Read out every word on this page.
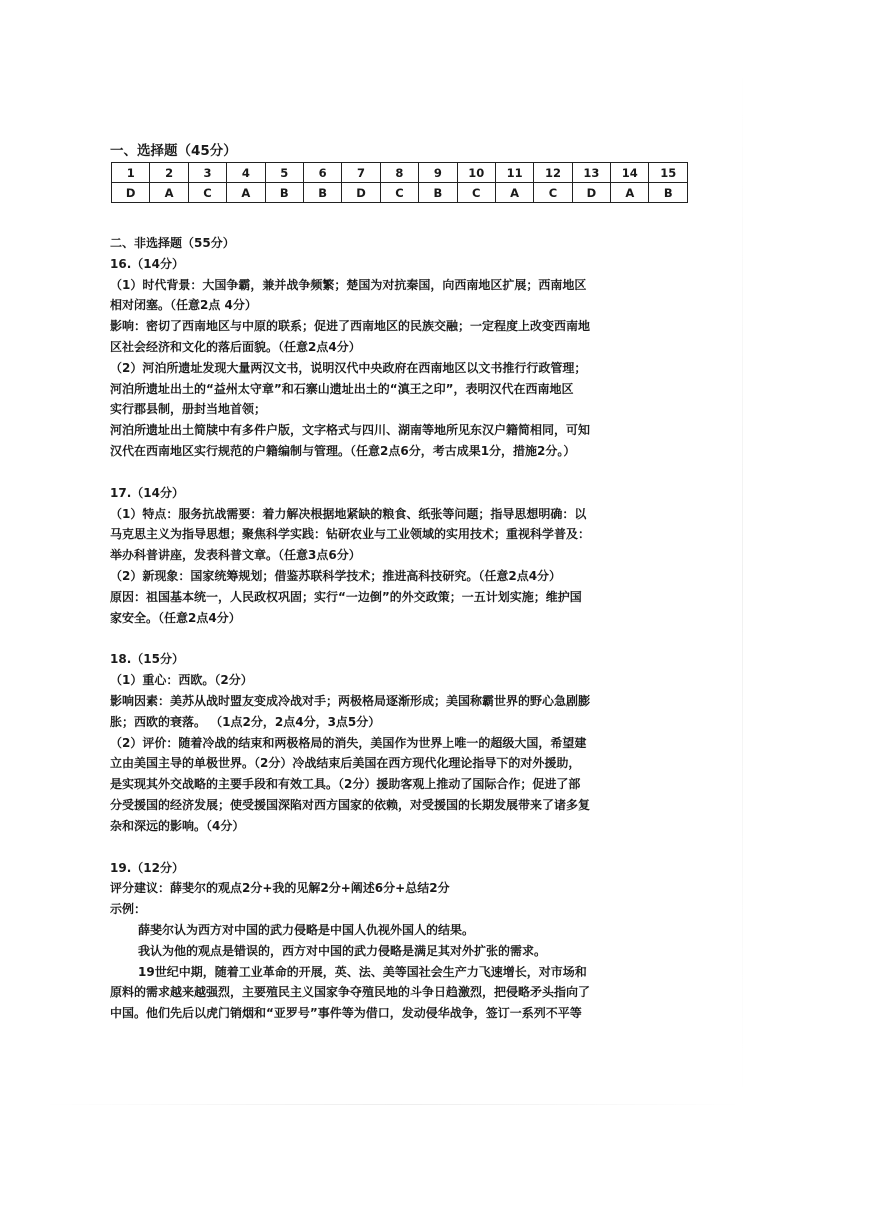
一、选择题（45分）
1	2	3	4	5	6	7	8	9	10	11	12	13	14	15
D	A	C	A	B	B	D	C	B	C	A	C	D	A	B

二、非选择题（55分）

16.（14分）

（1）时代背景：大国争霸，兼并战争频繁；楚国为对抗秦国，向西南地区扩展；西南地区

相对闭塞。（任意2点 4分）

影响：密切了西南地区与中原的联系；促进了西南地区的民族交融；一定程度上改变西南地

区社会经济和文化的落后面貌。（任意2点4分）

（2）河泊所遗址发现大量两汉文书，说明汉代中央政府在西南地区以文书推行行政管理；

河泊所遗址出土的“益州太守章”和石寨山遗址出土的“滇王之印”，表明汉代在西南地区

实行郡县制，册封当地首领；

河泊所遗址出土简牍中有多件户版，文字格式与四川、湖南等地所见东汉户籍简相同，可知

汉代在西南地区实行规范的户籍编制与管理。（任意2点6分，考古成果1分，措施2分。）

17.（14分）

（1）特点：服务抗战需要：着力解决根据地紧缺的粮食、纸张等问题；指导思想明确：以

马克思主义为指导思想；聚焦科学实践：钻研农业与工业领域的实用技术；重视科学普及：

举办科普讲座，发表科普文章。（任意3点6分）

（2）新现象：国家统筹规划；借鉴苏联科学技术；推进高科技研究。（任意2点4分）

原因：祖国基本统一，人民政权巩固；实行“一边倒”的外交政策；一五计划实施；维护国

家安全。（任意2点4分）

18.（15分）

（1）重心：西欧。（2分）

影响因素：美苏从战时盟友变成冷战对手；两极格局逐渐形成；美国称霸世界的野心急剧膨

胀；西欧的衰落。 （1点2分，2点4分，3点5分）

（2）评价：随着冷战的结束和两极格局的消失，美国作为世界上唯一的超级大国，希望建

立由美国主导的单极世界。（2分）冷战结束后美国在西方现代化理论指导下的对外援助，

是实现其外交战略的主要手段和有效工具。（2分）援助客观上推动了国际合作；促进了部

分受援国的经济发展；使受援国深陷对西方国家的依赖，对受援国的长期发展带来了诸多复

杂和深远的影响。（4分）

19.（12分）

评分建议：薛斐尔的观点2分+我的见解2分+阐述6分+总结2分

示例：

薛斐尔认为西方对中国的武力侵略是中国人仇视外国人的结果。

我认为他的观点是错误的，西方对中国的武力侵略是满足其对外扩张的需求。

19世纪中期，随着工业革命的开展，英、法、美等国社会生产力飞速增长，对市场和

原料的需求越来越强烈，主要殖民主义国家争夺殖民地的斗争日趋激烈，把侵略矛头指向了

中国。他们先后以虎门销烟和“亚罗号”事件等为借口，发动侵华战争，签订一系列不平等
